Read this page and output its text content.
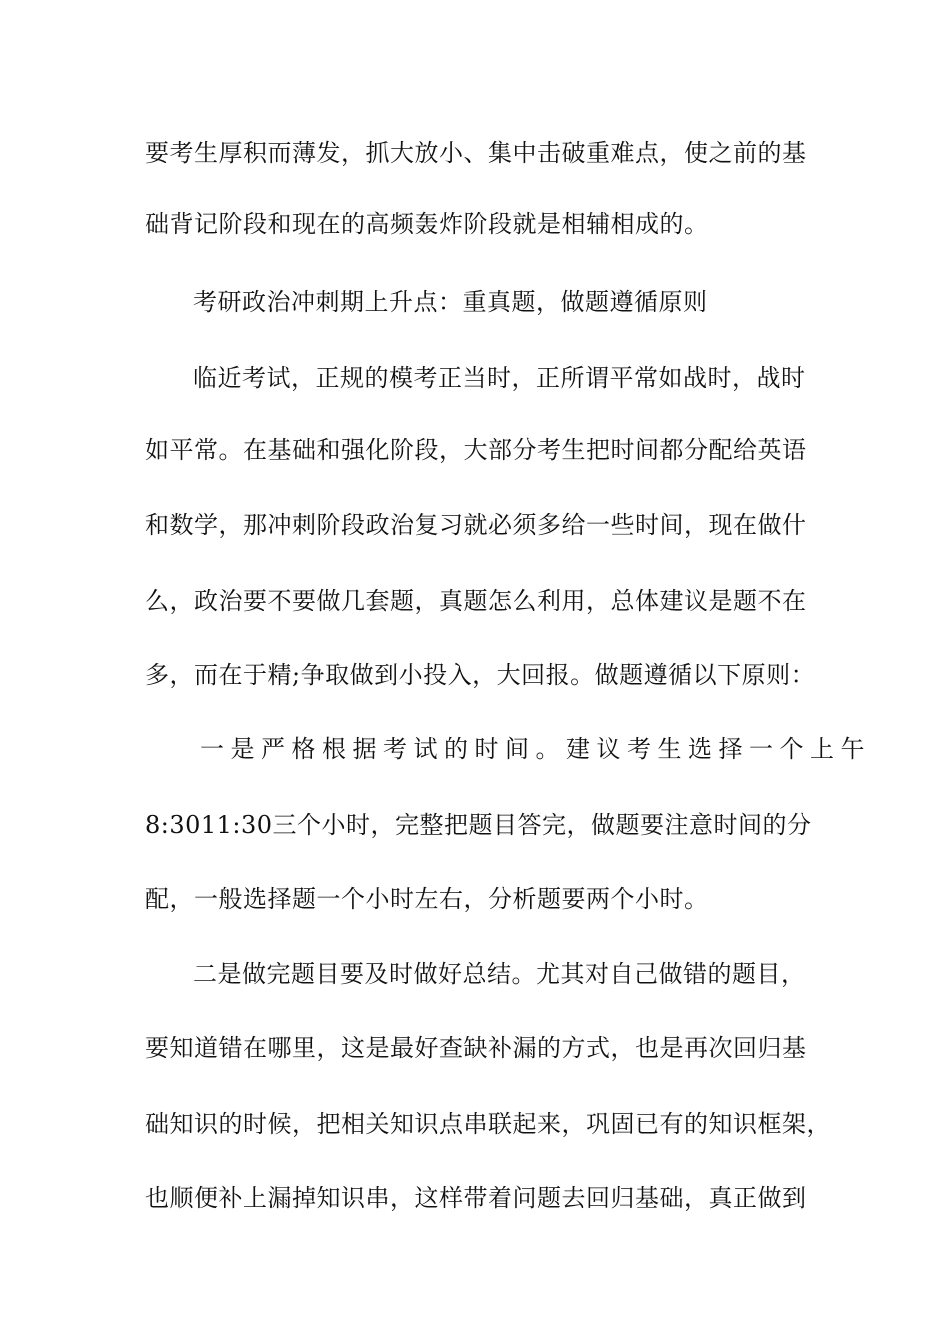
要考生厚积而薄发，抓大放小、集中击破重难点，使之前的基
础背记阶段和现在的高频轰炸阶段就是相辅相成的。
考研政治冲刺期上升点：重真题，做题遵循原则
临近考试，正规的模考正当时，正所谓平常如战时，战时
如平常。在基础和强化阶段，大部分考生把时间都分配给英语
和数学，那冲刺阶段政治复习就必须多给一些时间，现在做什
么，政治要不要做几套题，真题怎么利用，总体建议是题不在
多，而在于精;争取做到小投入，大回报。做题遵循以下原则：
一是严格根据考试的时间。建议考生选择一个上午
8:3011:30三个小时，完整把题目答完，做题要注意时间的分
配，一般选择题一个小时左右，分析题要两个小时。
二是做完题目要及时做好总结。尤其对自己做错的题目，
要知道错在哪里，这是最好查缺补漏的方式，也是再次回归基
础知识的时候，把相关知识点串联起来，巩固已有的知识框架，
也顺便补上漏掉知识串，这样带着问题去回归基础，真正做到
